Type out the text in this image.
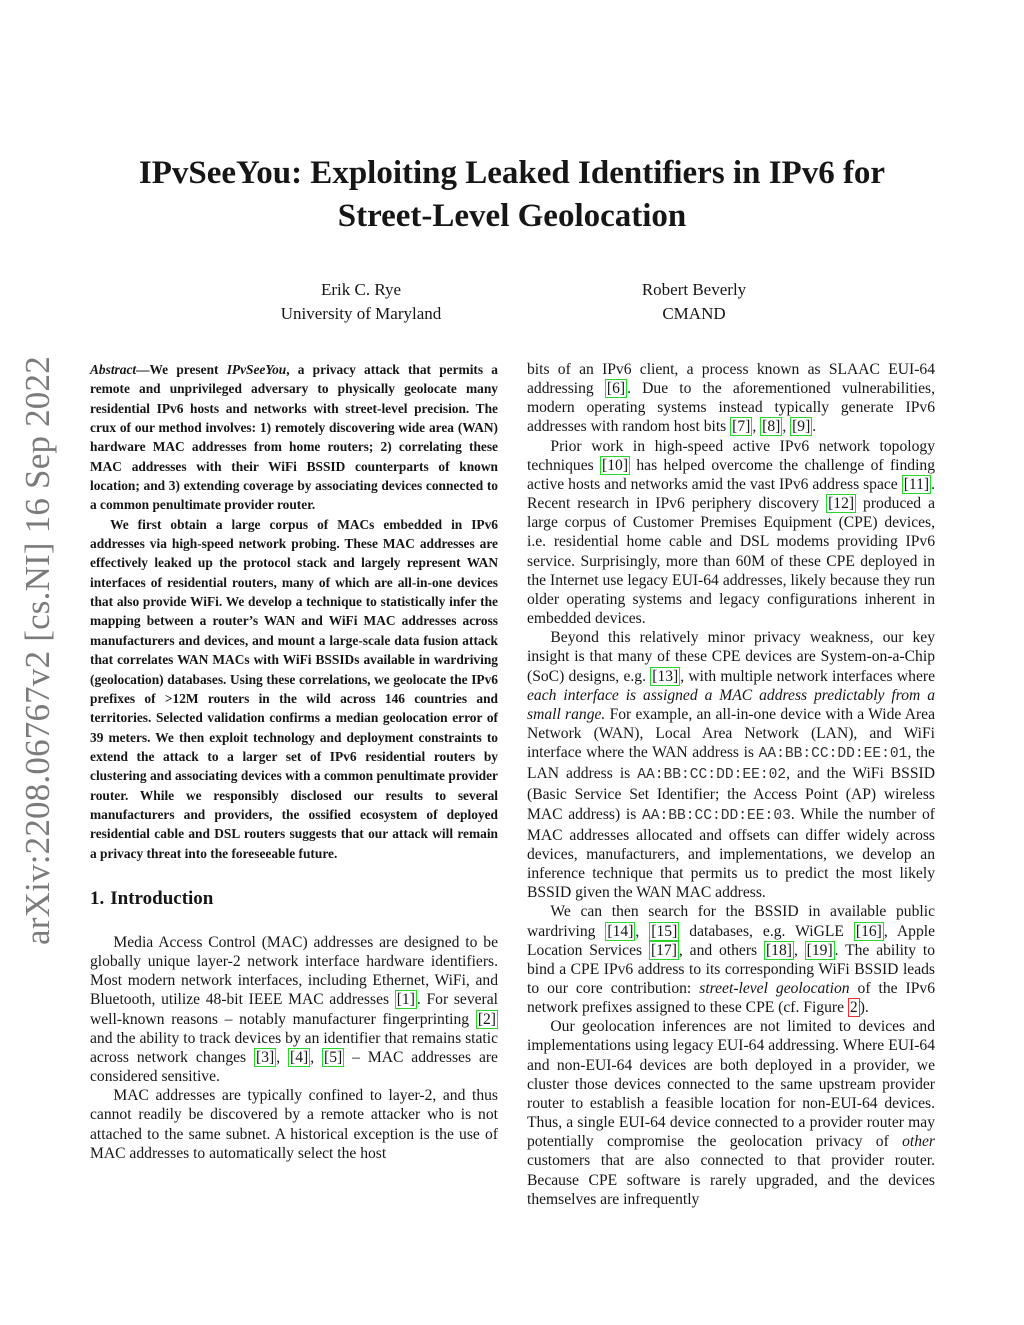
arXiv:2208.06767v2 [cs.NI] 16 Sep 2022
IPvSeeYou: Exploiting Leaked Identifiers in IPv6 for
Street-Level Geolocation
Erik C. Rye
University of Maryland
Robert Beverly
CMAND

Abstract—We present IPvSeeYou, a privacy attack that permits a remote and unprivileged adversary to physically geolocate many residential IPv6 hosts and networks with street-level precision. The crux of our method involves: 1) remotely discovering wide area (WAN) hardware MAC addresses from home routers; 2) correlating these MAC addresses with their WiFi BSSID counterparts of known location; and 3) extending coverage by associating devices connected to a common penultimate provider router.

We first obtain a large corpus of MACs embedded in IPv6 addresses via high-speed network probing. These MAC addresses are effectively leaked up the protocol stack and largely represent WAN interfaces of residential routers, many of which are all-in-one devices that also provide WiFi. We develop a technique to statistically infer the mapping between a router’s WAN and WiFi MAC addresses across manufacturers and devices, and mount a large-scale data fusion attack that correlates WAN MACs with WiFi BSSIDs available in wardriving (geolocation) databases. Using these correlations, we geolocate the IPv6 prefixes of >12M routers in the wild across 146 countries and territories. Selected validation confirms a median geolocation error of 39 meters. We then exploit technology and deployment constraints to extend the attack to a larger set of IPv6 residential routers by clustering and associating devices with a common penultimate provider router. While we responsibly disclosed our results to several manufacturers and providers, the ossified ecosystem of deployed residential cable and DSL routers suggests that our attack will remain a privacy threat into the foreseeable future.

1. Introduction

Media Access Control (MAC) addresses are designed to be globally unique layer-2 network interface hardware identifiers. Most modern network interfaces, including Ethernet, WiFi, and Bluetooth, utilize 48-bit IEEE MAC addresses [1] . For several well-known reasons – notably manufacturer fingerprinting [2] and the ability to track devices by an identifier that remains static across network changes [3] , [4] , [5] – MAC addresses are considered sensitive.

MAC addresses are typically confined to layer-2, and thus cannot readily be discovered by a remote attacker who is not attached to the same subnet. A historical exception is the use of MAC addresses to automatically select the host

bits of an IPv6 client, a process known as SLAAC EUI-64 addressing [6] . Due to the aforementioned vulnerabilities, modern operating systems instead typically generate IPv6 addresses with random host bits [7] , [8] , [9] .

Prior work in high-speed active IPv6 network topology techniques [10] has helped overcome the challenge of finding active hosts and networks amid the vast IPv6 address space [11] . Recent research in IPv6 periphery discovery [12] produced a large corpus of Customer Premises Equipment (CPE) devices, i.e. residential home cable and DSL modems providing IPv6 service. Surprisingly, more than 60M of these CPE deployed in the Internet use legacy EUI-64 addresses, likely because they run older operating systems and legacy configurations inherent in embedded devices.

Beyond this relatively minor privacy weakness, our key insight is that many of these CPE devices are System-on-a-Chip (SoC) designs, e.g. [13] , with multiple network interfaces where each interface is assigned a MAC address predictably from a small range. For example, an all-in-one device with a Wide Area Network (WAN), Local Area Network (LAN), and WiFi interface where the WAN address is AA:BB:CC:DD:EE:01, the LAN address is AA:BB:CC:DD:EE:02, and the WiFi BSSID (Basic Service Set Identifier; the Access Point (AP) wireless MAC address) is AA:BB:CC:DD:EE:03. While the number of MAC addresses allocated and offsets can differ widely across devices, manufacturers, and implementations, we develop an inference technique that permits us to predict the most likely BSSID given the WAN MAC address.

We can then search for the BSSID in available public wardriving [14] , [15] databases, e.g. WiGLE [16] , Apple Location Services [17] , and others [18] , [19] . The ability to bind a CPE IPv6 address to its corresponding WiFi BSSID leads to our core contribution: street-level geolocation of the IPv6 network prefixes assigned to these CPE (cf. Figure 2 ).

Our geolocation inferences are not limited to devices and implementations using legacy EUI-64 addressing. Where EUI-64 and non-EUI-64 devices are both deployed in a provider, we cluster those devices connected to the same upstream provider router to establish a feasible location for non-EUI-64 devices. Thus, a single EUI-64 device connected to a provider router may potentially compromise the geolocation privacy of other customers that are also connected to that provider router. Because CPE software is rarely upgraded, and the devices themselves are infrequently
